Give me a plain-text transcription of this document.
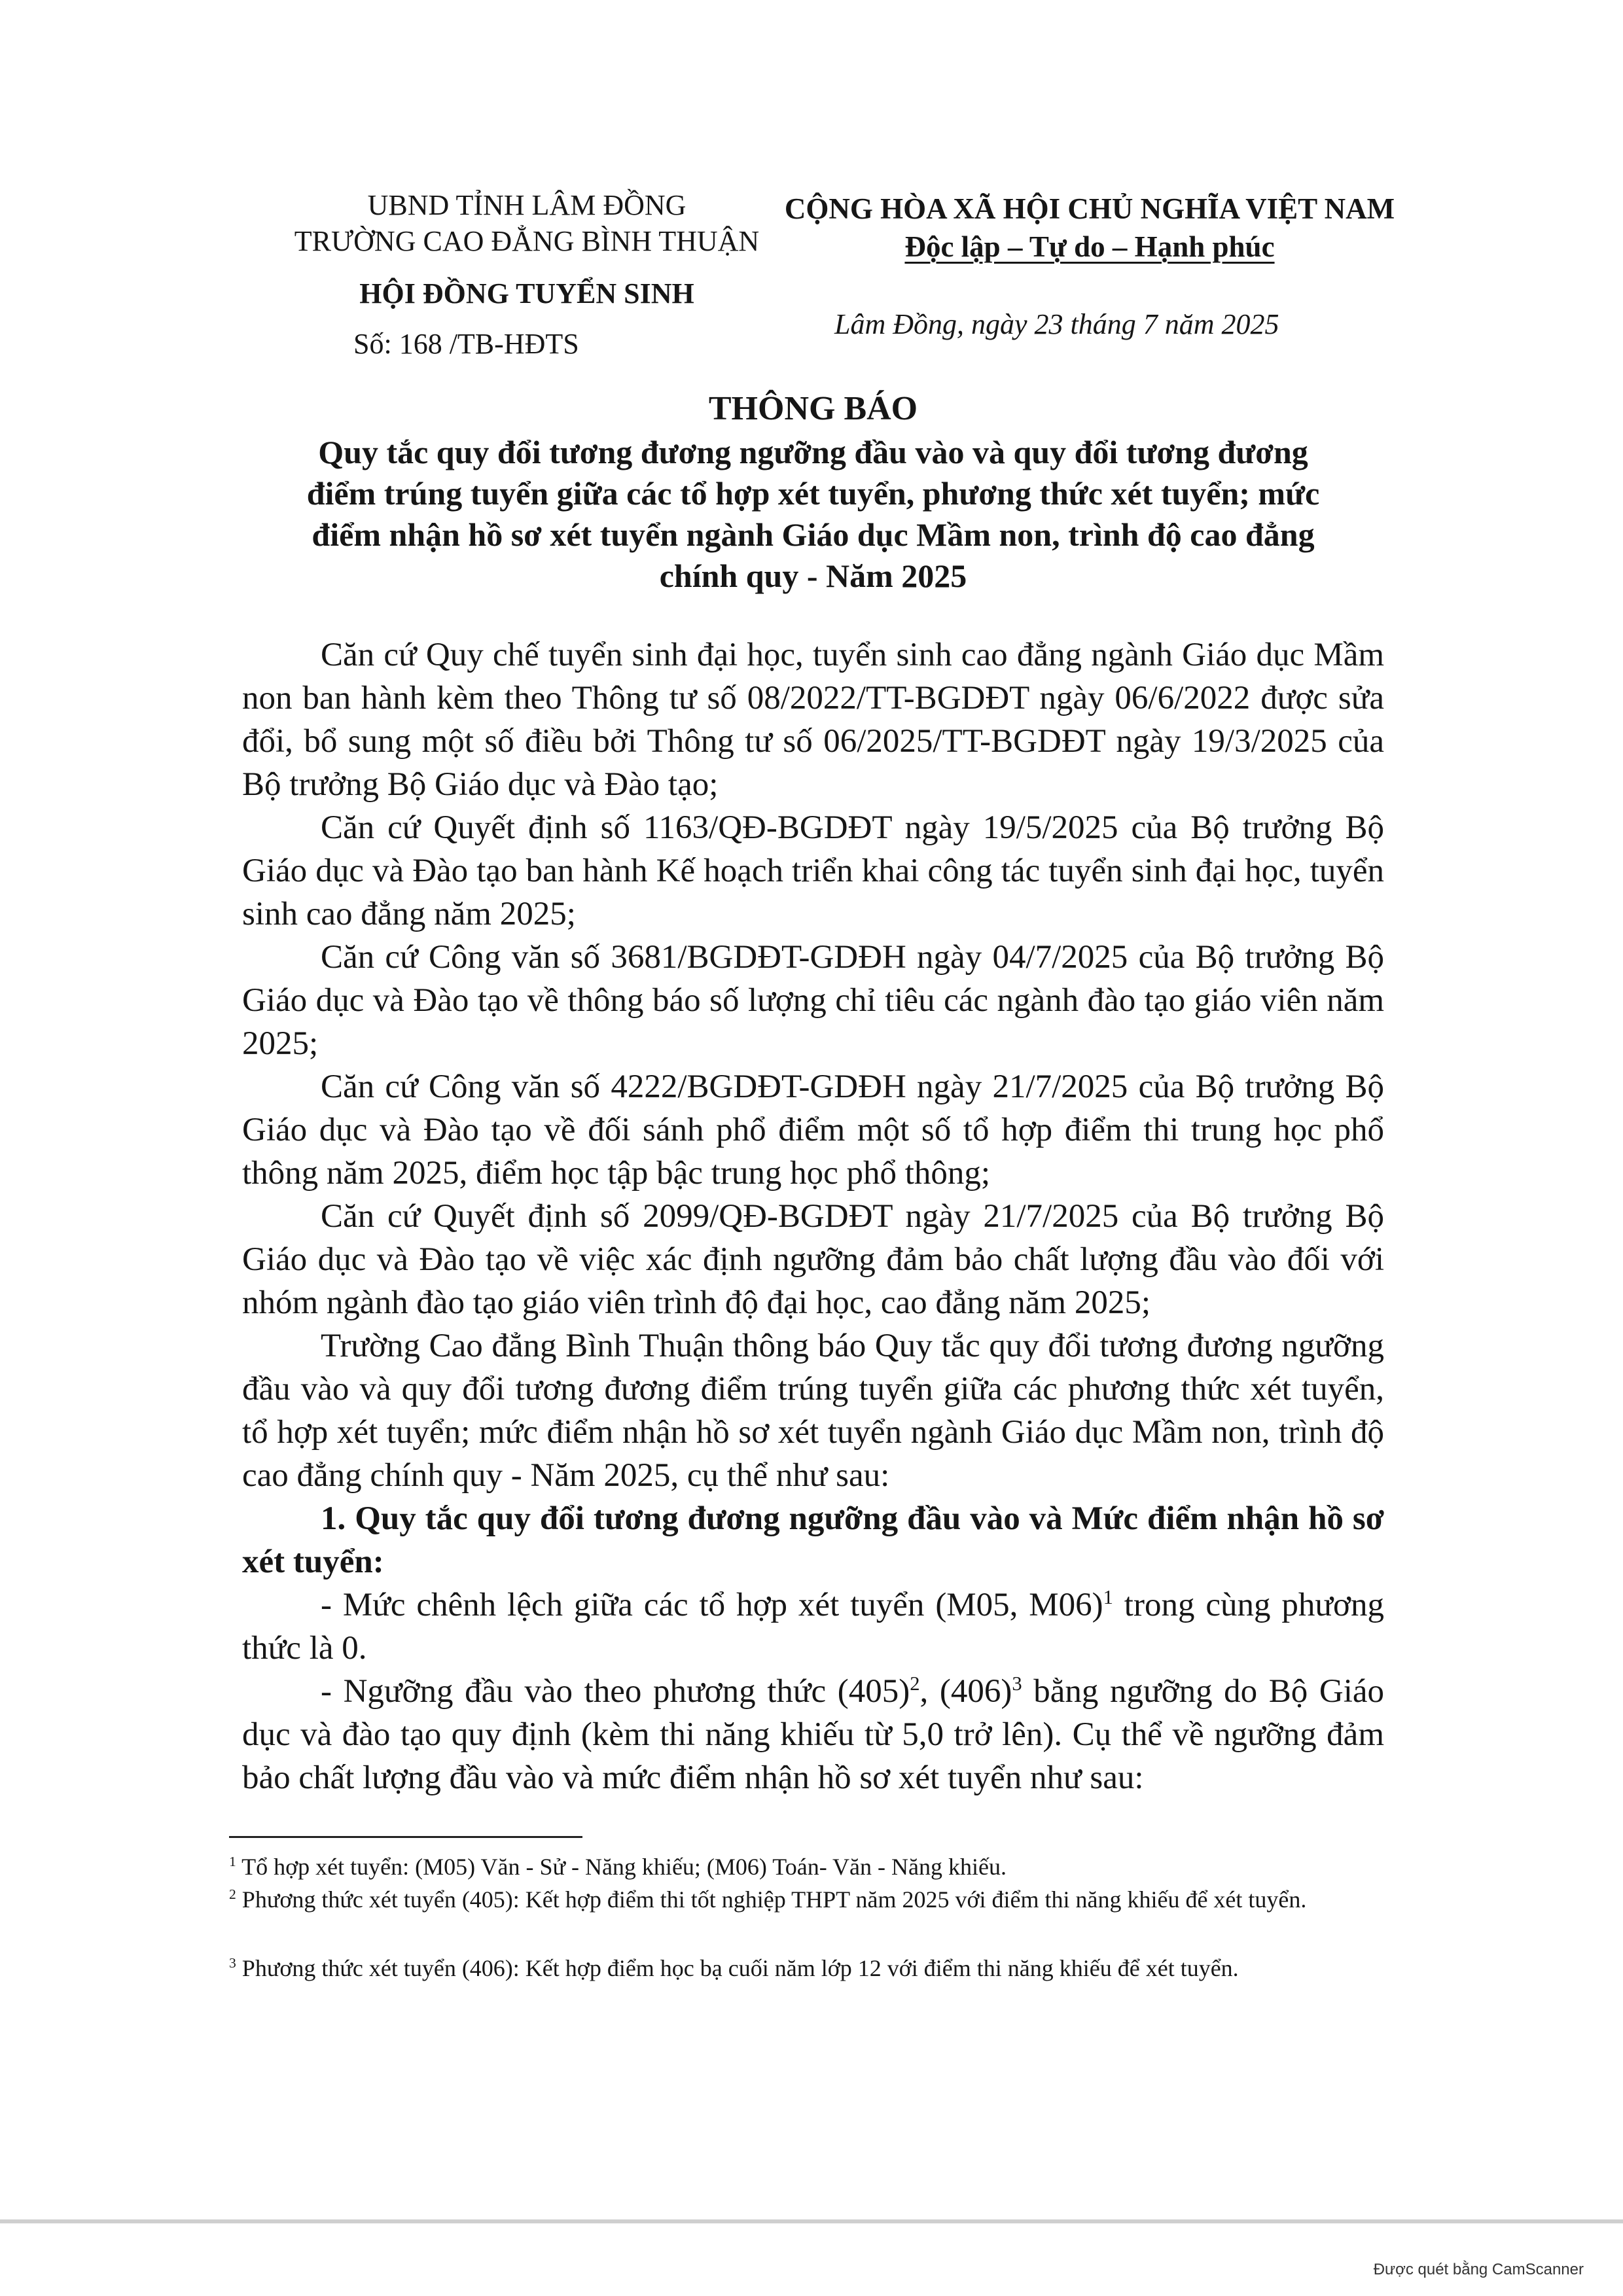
UBND TỈNH LÂM ĐỒNG
TRƯỜNG CAO ĐẲNG BÌNH THUẬN
HỘI ĐỒNG TUYỂN SINH
Số: 168 /TB-HĐTS
CỘNG HÒA XÃ HỘI CHỦ NGHĨA VIỆT NAM
Độc lập – Tự do – Hạnh phúc
Lâm Đồng, ngày 23 tháng 7 năm 2025
THÔNG BÁO
Quy tắc quy đổi tương đương ngưỡng đầu vào và quy đổi tương đương điểm trúng tuyển giữa các tổ hợp xét tuyển, phương thức xét tuyển; mức điểm nhận hồ sơ xét tuyển ngành Giáo dục Mầm non, trình độ cao đẳng chính quy - Năm 2025
Căn cứ Quy chế tuyển sinh đại học, tuyển sinh cao đẳng ngành Giáo dục Mầm non ban hành kèm theo Thông tư số 08/2022/TT-BGDĐT ngày 06/6/2022 được sửa đổi, bổ sung một số điều bởi Thông tư số 06/2025/TT-BGDĐT ngày 19/3/2025 của Bộ trưởng Bộ Giáo dục và Đào tạo;
Căn cứ Quyết định số 1163/QĐ-BGDĐT ngày 19/5/2025 của Bộ trưởng Bộ Giáo dục và Đào tạo ban hành Kế hoạch triển khai công tác tuyển sinh đại học, tuyển sinh cao đẳng năm 2025;
Căn cứ Công văn số 3681/BGDĐT-GDĐH ngày 04/7/2025 của Bộ trưởng Bộ Giáo dục và Đào tạo về thông báo số lượng chỉ tiêu các ngành đào tạo giáo viên năm 2025;
Căn cứ Công văn số 4222/BGDĐT-GDĐH ngày 21/7/2025 của Bộ trưởng Bộ Giáo dục và Đào tạo về đối sánh phổ điểm một số tổ hợp điểm thi trung học phổ thông năm 2025, điểm học tập bậc trung học phổ thông;
Căn cứ Quyết định số 2099/QĐ-BGDĐT ngày 21/7/2025 của Bộ trưởng Bộ Giáo dục và Đào tạo về việc xác định ngưỡng đảm bảo chất lượng đầu vào đối với nhóm ngành đào tạo giáo viên trình độ đại học, cao đẳng năm 2025;
Trường Cao đẳng Bình Thuận thông báo Quy tắc quy đổi tương đương ngưỡng đầu vào và quy đổi tương đương điểm trúng tuyển giữa các phương thức xét tuyển, tổ hợp xét tuyển; mức điểm nhận hồ sơ xét tuyển ngành Giáo dục Mầm non, trình độ cao đẳng chính quy - Năm 2025, cụ thể như sau:
1. Quy tắc quy đổi tương đương ngưỡng đầu vào và Mức điểm nhận hồ sơ xét tuyển:
- Mức chênh lệch giữa các tổ hợp xét tuyển (M05, M06)$^1$ trong cùng phương thức là 0.
- Ngưỡng đầu vào theo phương thức $(405)^2$, $(406)^3$ bằng ngưỡng do Bộ Giáo dục và đào tạo quy định (kèm thi năng khiếu từ 5,0 trở lên). Cụ thể về ngưỡng đảm bảo chất lượng đầu vào và mức điểm nhận hồ sơ xét tuyển như sau:
$^1$ Tổ hợp xét tuyển: (M05) Văn - Sử - Năng khiếu; (M06) Toán- Văn - Năng khiếu.
$^2$ Phương thức xét tuyển (405): Kết hợp điểm thi tốt nghiệp THPT năm 2025 với điểm thi năng khiếu để xét tuyển.
$^3$ Phương thức xét tuyển (406): Kết hợp điểm học bạ cuối năm lớp 12 với điểm thi năng khiếu để xét tuyển.
Được quét bằng CamScanner
